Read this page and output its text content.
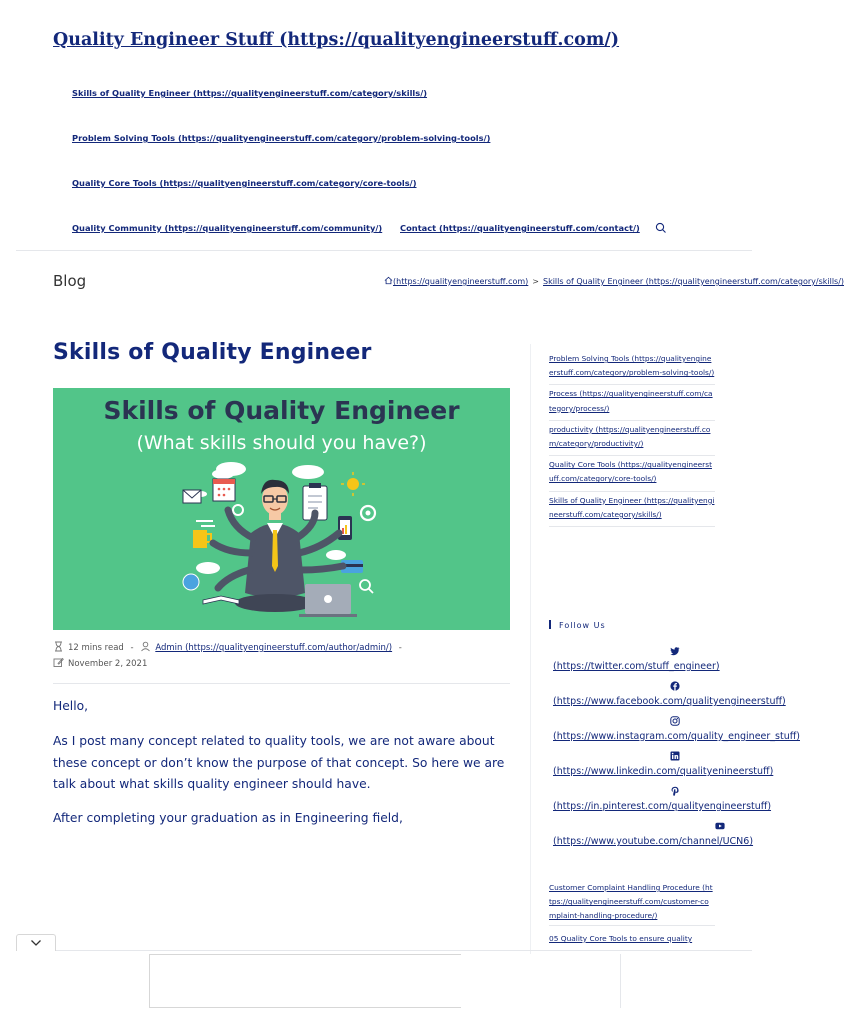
Quality Engineer Stuff (https://qualityengineerstuff.com/)
Skills of Quality Engineer (https://qualityengineerstuff.com/category/skills/)
Problem Solving Tools (https://qualityengineerstuff.com/category/problem-solving-tools/)
Quality Core Tools (https://qualityengineerstuff.com/category/core-tools/)
Quality Community (https://qualityengineerstuff.com/community/) Contact (https://qualityengineerstuff.com/contact/)
Blog	(https://qualityengineerstuff.com) > Skills of Quality Engineer (https://qualityengineerstuff.com/category/skills/)
Skills of Quality Engineer
Skills of Quality Engineer
(What skills should you have?)
12 mins read -	Admin (https://qualityengineerstuff.com/author/admin/) -
November 2, 2021

Hello,

As I post many concept related to quality tools, we are not aware about these concept or don’t know the purpose of that concept. So here we are talk about what skills quality engineer should have.

After completing your graduation as in Engineering field,

Problem Solving Tools (https://qualityengineerstuff.com/category/problem-solving-tools/)
Process (https://qualityengineerstuff.com/category/process/)
productivity (https://qualityengineerstuff.com/category/productivity/)
Quality Core Tools (https://qualityengineerstuff.com/category/core-tools/)
Skills of Quality Engineer (https://qualityengineerstuff.com/category/skills/)
Follow Us
(https://twitter.com/stuff_engineer)
(https://www.facebook.com/qualityengineerstuff)
(https://www.instagram.com/quality_engineer_stuff)
(https://www.linkedin.com/qualityenineerstuff)
(https://in.pinterest.com/qualityengineerstuff)
(https://www.youtube.com/channel/UCN6)
Customer Complaint Handling Procedure (https://qualityengineerstuff.com/customer-complaint-handling-procedure/)
05 Quality Core Tools to ensure quality
